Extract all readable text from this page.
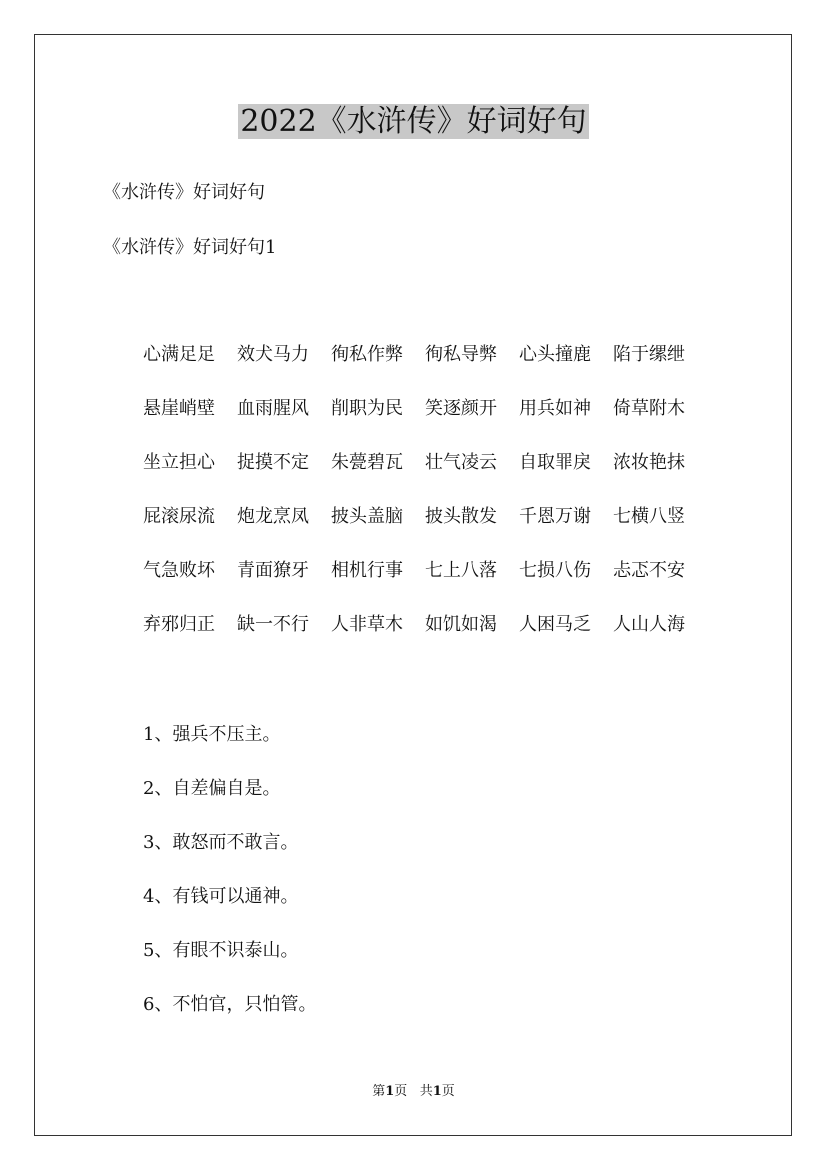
2022《水浒传》好词好句
《水浒传》好词好句
《水浒传》好词好句1
心满足足	效犬马力	徇私作弊	徇私导弊	心头撞鹿	陷于缧绁
悬崖峭壁	血雨腥风	削职为民	笑逐颜开	用兵如神	倚草附木
坐立担心	捉摸不定	朱甍碧瓦	壮气凌云	自取罪戾	浓妆艳抹
屁滚尿流	炮龙烹凤	披头盖脑	披头散发	千恩万谢	七横八竖
气急败坏	青面獠牙	相机行事	七上八落	七损八伤	忐忑不安
弃邪归正	缺一不行	人非草木	如饥如渴	人困马乏	人山人海
1、强兵不压主。
2、自差偏自是。
3、敢怒而不敢言。
4、有钱可以通神。
5、有眼不识泰山。
6、不怕官，只怕管。
第1页 共1页
